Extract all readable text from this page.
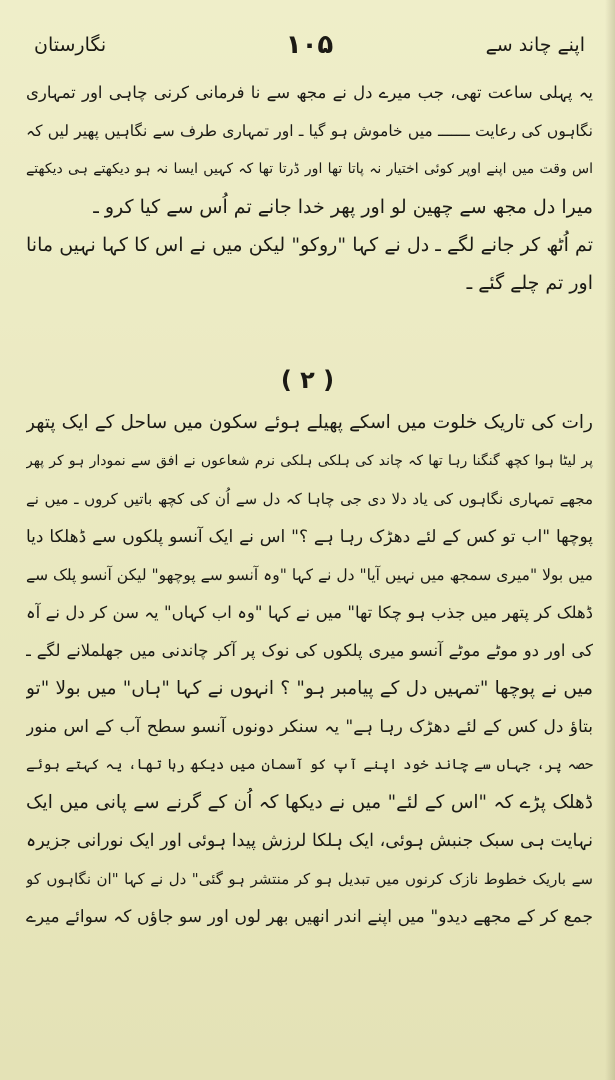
اپنے چاند سے
۱۰۵
نگارستان
یہ پہلی ساعت تھی، جب میرے دل نے مجھ سے نا فرمانی کرنی چاہی اور تمہاری
نگاہوں کی رعایت ـــــــ میں خاموش ہو گیا ـ اور تمہاری طرف سے نگاہیں پھیر لیں کہ
اس وقت میں اپنے اوپر کوئی اختیار نہ پاتا تھا اور ڈرتا تھا کہ کہیں ایسا نہ ہو دیکھتے ہی دیکھتے
میرا دل مجھ سے چھین لو اور پھر خدا جانے تم اُس سے کیا کرو ـ
تم اُٹھ کر جانے لگے ـ دل نے کہا "روکو" لیکن میں نے اس کا کہا نہیں مانا
اور تم چلے گئے ـ
( ۲ )
رات کی تاریک خلوت میں اسکے پھیلے ہوئے سکون میں ساحل کے ایک پتھر
پر لیٹا ہوا کچھ گنگنا رہا تھا کہ چاند کی ہلکی ہلکی نرم شعاعوں نے افق سے نمودار ہو کر پھر
مجھے تمہاری نگاہوں کی یاد دلا دی جی چاہا کہ دل سے اُن کی کچھ باتیں کروں ـ میں نے
پوچھا "اب تو کس کے لئے دھڑک رہا ہے ؟" اس نے ایک آنسو پلکوں سے ڈھلکا دیا
میں بولا "میری سمجھ میں نہیں آیا" دل نے کہا "وہ آنسو سے پوچھو" لیکن آنسو پلک سے
ڈھلک کر پتھر میں جذب ہو چکا تھا" میں نے کہا "وہ اب کہاں" یہ سن کر دل نے آہ
کی اور دو موٹے موٹے آنسو میری پلکوں کی نوک پر آکر چاندنی میں جھلملانے لگے ـ
میں نے پوچھا "تمہیں دل کے پیامبر ہو" ؟ انہوں نے کہا "ہاں" میں بولا "تو
بتاؤ دل کس کے لئے دھڑک رہا ہے" یہ سنکر دونوں آنسو سطح آب کے اس منور
حصہ پر، جہاں سے چاند خود اپنے آپ کو آسمان میں دیکھ رہا تھا، یہ کہتے ہوئے
ڈھلک پڑے کہ "اس کے لئے" میں نے دیکھا کہ اُن کے گرنے سے پانی میں ایک
نہایت ہی سبک جنبش ہوئی، ایک ہلکا لرزش پیدا ہوئی اور ایک نورانی جزیرہ
سے باریک خطوط نازک کرنوں میں تبدیل ہو کر منتشر ہو گئی" دل نے کہا "ان نگاہوں کو
جمع کر کے مجھے دیدو" میں اپنے اندر انھیں بھر لوں اور سو جاؤں کہ سوائے میرے
